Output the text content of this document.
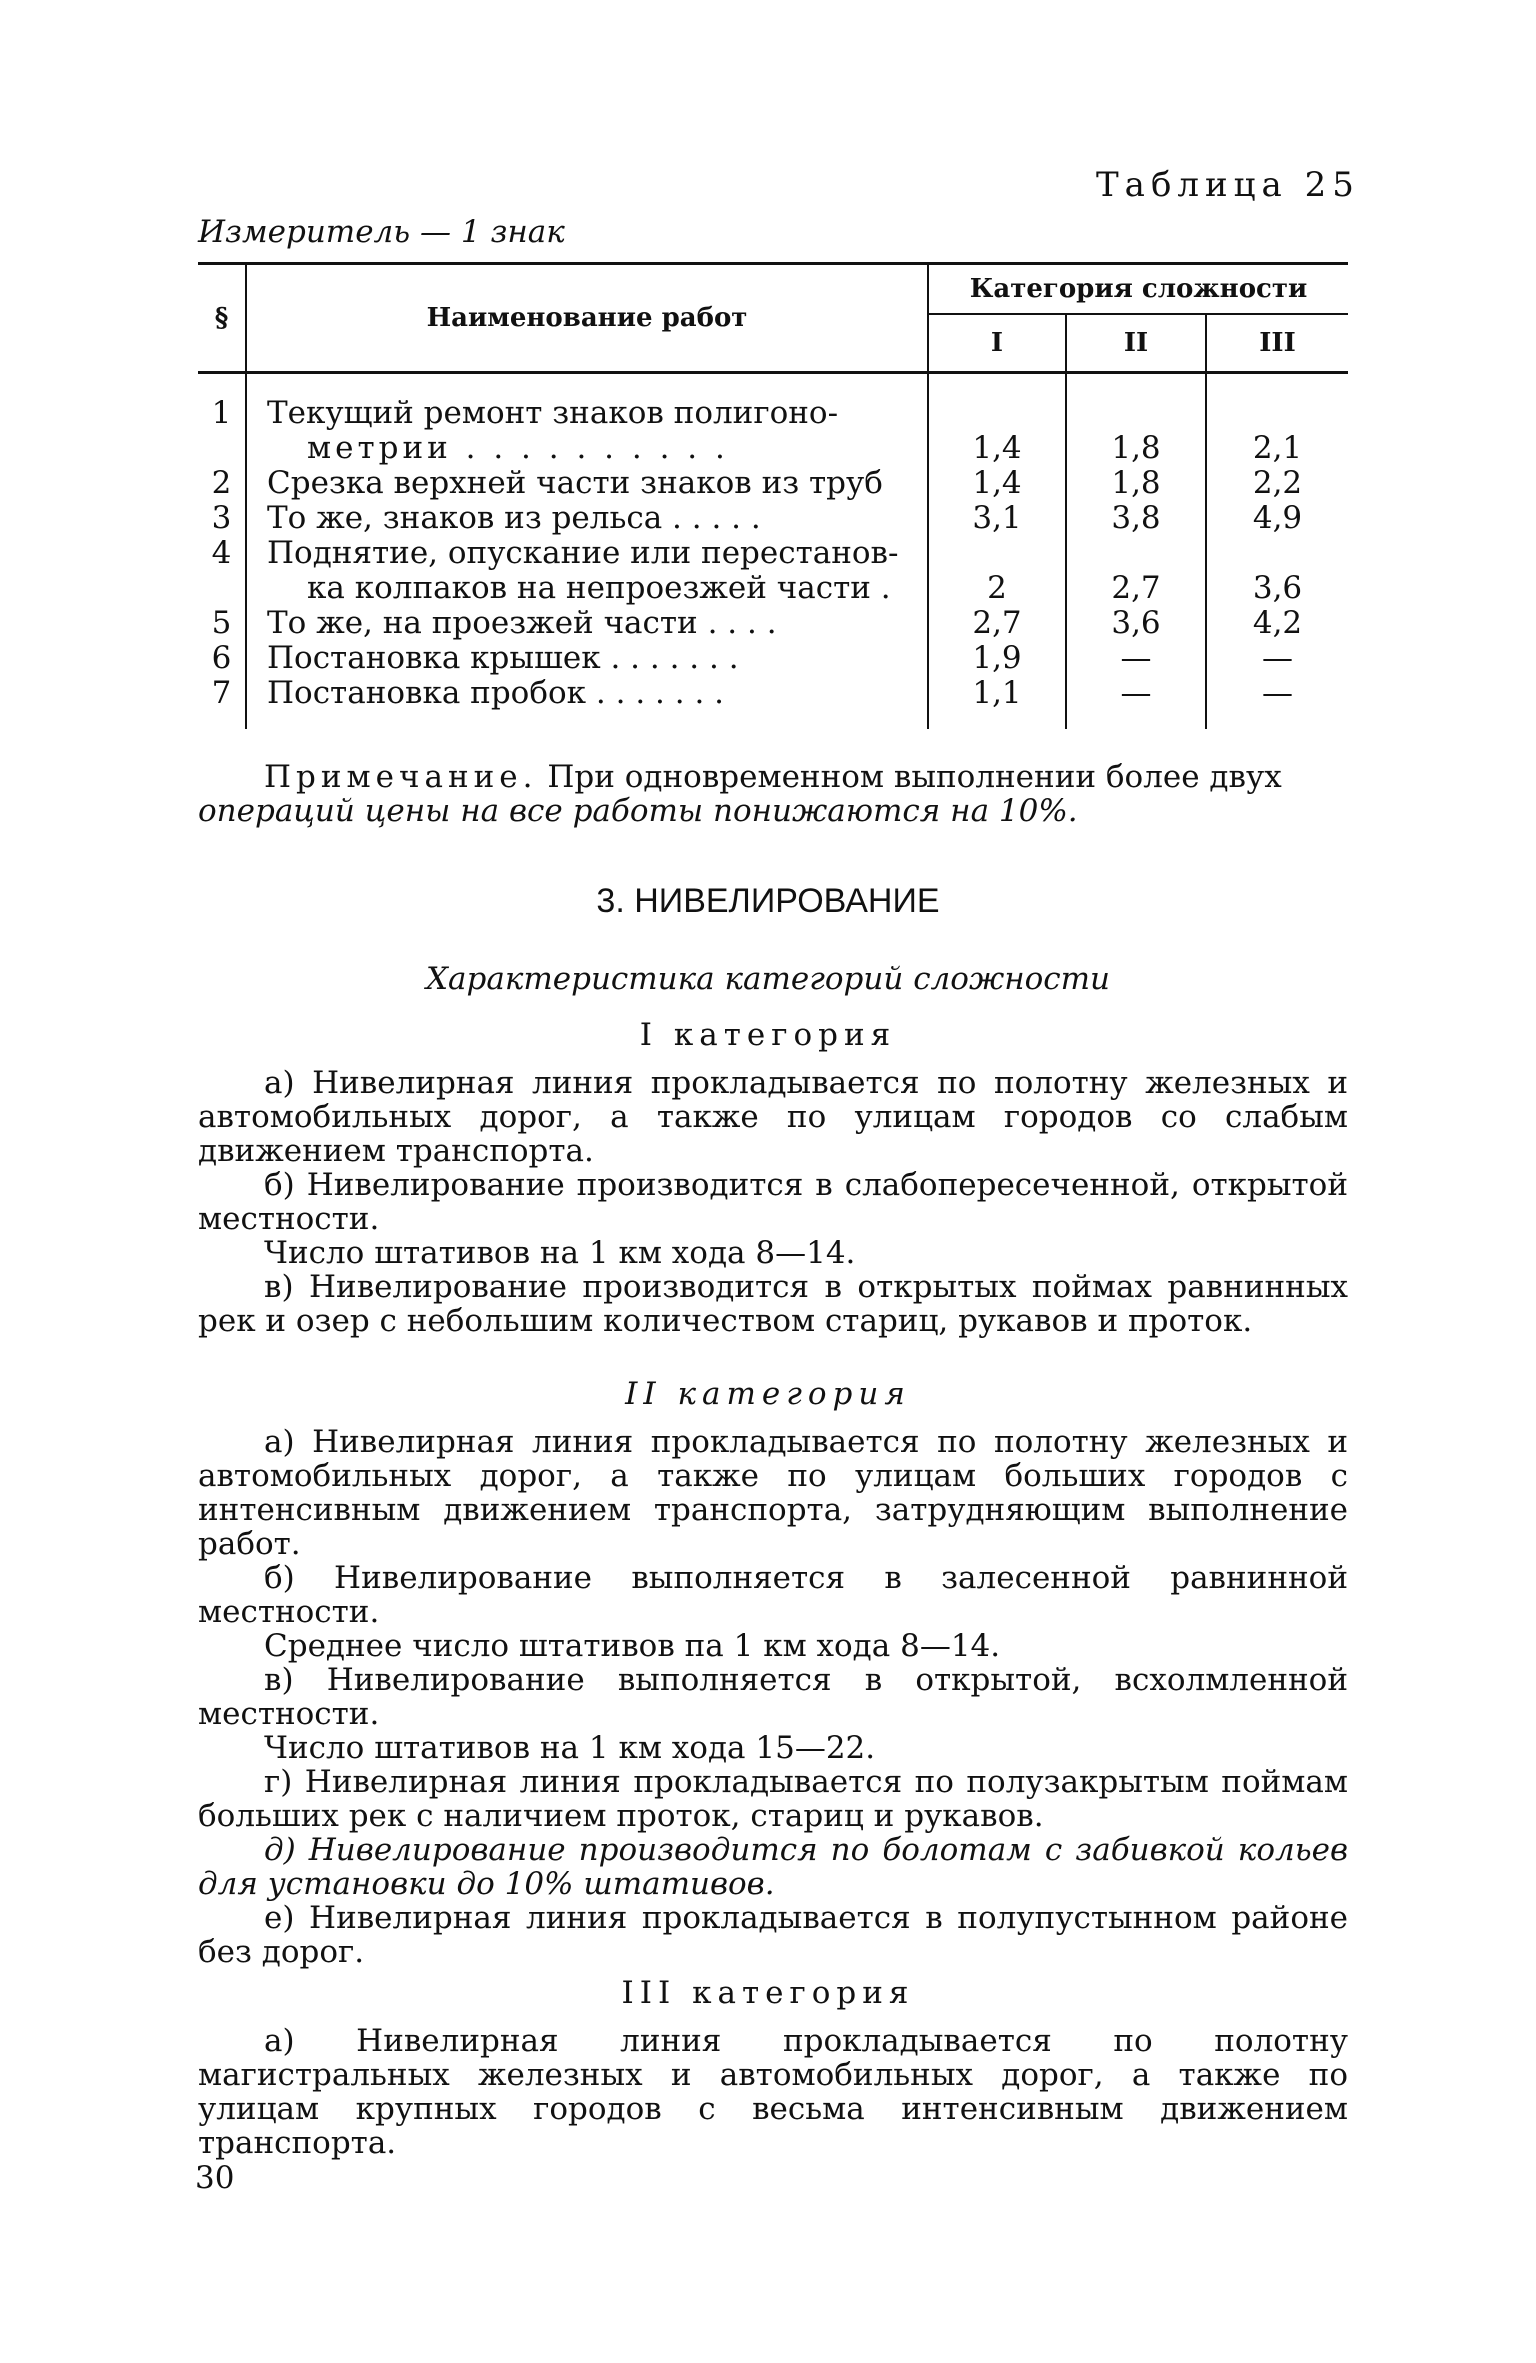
Таблица 25
Измеритель — 1 знак
§	Наименование работ	Категория сложности		
		I	II	III

1	Текущий ремонт знаков полигоно-
метрии . . . . . . . . . .	1,4	1,8	2,1
2	Срезка верхней части знаков из труб	1,4	1,8	2,2
3	То же, знаков из рельса . . . . .	3,1	3,8	4,9

4	Поднятие, опускание или перестанов-
ка колпаков на непроезжей части .	2	2,7	3,6
5	То же, на проезжей части . . . .	2,7	3,6	4,2
6	Постановка крышек . . . . . . .	1,9	—	—
7	Постановка пробок . . . . . . .	1,1	—	—
Примечание. При одновременном выполнении более двух
операций цены на все работы понижаются на 10%.
3. НИВЕЛИРОВАНИЕ
Характеристика категорий сложности
I категория

а) Нивелирная линия прокладывается по полотну железных и автомобильных дорог, а также по улицам городов со слабым движением транспорта.

б) Нивелирование производится в слабопересеченной, открытой местности.

Число штативов на 1 км хода 8—14.

в) Нивелирование производится в открытых поймах равнинных рек и озер с небольшим количеством стариц, рукавов и проток.

II категория

а) Нивелирная линия прокладывается по полотну железных и автомобильных дорог, а также по улицам больших городов с интенсивным движением транспорта, затрудняющим выполнение работ.

б) Нивелирование выполняется в залесенной равнинной местности.

Среднее число штативов па 1 км хода 8—14.

в) Нивелирование выполняется в открытой, всхолмленной местности.

Число штативов на 1 км хода 15—22.

г) Нивелирная линия прокладывается по полузакрытым поймам больших рек с наличием проток, стариц и рукавов.

д) Нивелирование производится по болотам с забивкой кольев для установки до 10% штативов.

е) Нивелирная линия прокладывается в полупустынном районе без дорог.

III категория

а) Нивелирная линия прокладывается по полотну магистральных железных и автомобильных дорог, а также по улицам крупных городов с весьма интенсивным движением транспорта.

30
